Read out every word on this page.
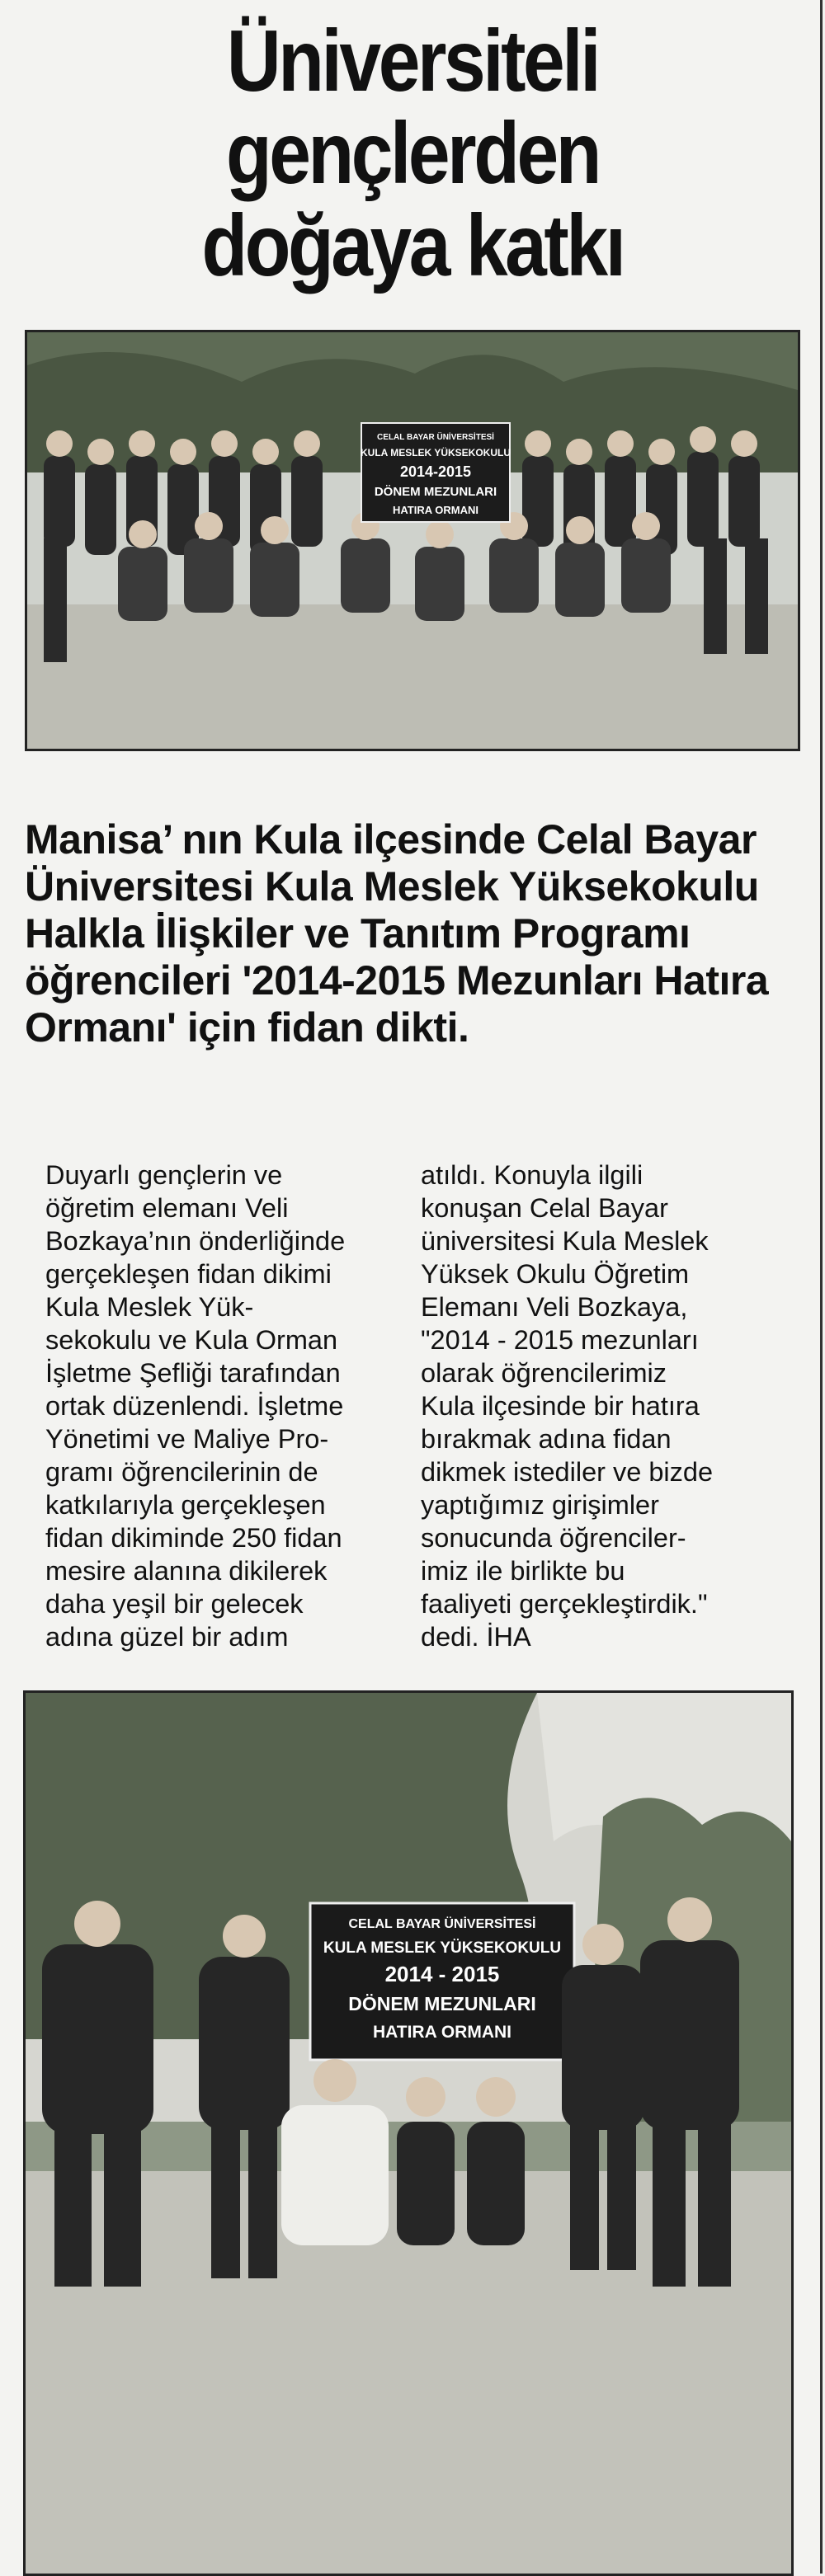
Üniversiteli gençlerden
doğaya katkı
CELAL BAYAR ÜNİVERSİTESİ
KULA MESLEK YÜKSEKOKULU
2014-2015
DÖNEM MEZUNLARI
HATIRA ORMANI
Manisa’ nın Kula ilçesinde Celal Bayar Üniversitesi Kula Meslek Yüksekokulu Halkla İlişkiler ve Tanıtım Programı öğrencileri '2014-2015 Mezunları Hatıra Ormanı' için fidan dikti.
Duyarlı gençlerin ve
öğretim elemanı Veli
Bozkaya’nın önderliğinde
gerçekleşen fidan dikimi
Kula Meslek Yük-
sekokulu ve Kula Orman
İşletme Şefliği tarafından
ortak düzenlendi. İşletme
Yönetimi ve Maliye Pro-
gramı öğrencilerinin de
katkılarıyla gerçekleşen
fidan dikiminde 250 fidan
mesire alanına dikilerek
daha yeşil bir gelecek
adına güzel bir adım
atıldı. Konuyla ilgili
konuşan Celal Bayar
üniversitesi Kula Meslek
Yüksek Okulu Öğretim
Elemanı Veli Bozkaya,
"2014 - 2015 mezunları
olarak öğrencilerimiz
Kula ilçesinde bir hatıra
bırakmak adına fidan
dikmek istediler ve bizde
yaptığımız girişimler
sonucunda öğrenciler-
imiz ile birlikte bu
faaliyeti gerçekleştirdik."
dedi. İHA
CELAL BAYAR ÜNİVERSİTESİ
KULA MESLEK YÜKSEKOKULU
2014 - 2015
DÖNEM MEZUNLARI
HATIRA ORMANI
